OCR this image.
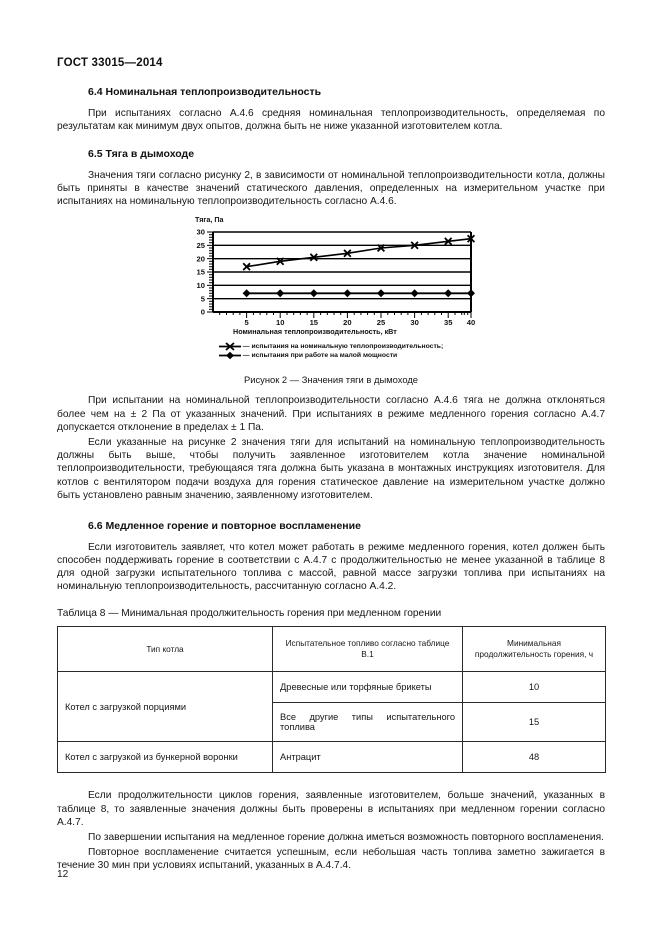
ГОСТ 33015—2014
6.4 Номинальная теплопроизводительность

При испытаниях согласно А.4.6 средняя номинальная теплопроизводительность, определяемая по результатам как минимум двух опытов, должна быть не ниже указанной изготовителем котла.

6.5 Тяга в дымоходе

Значения тяги согласно рисунку 2, в зависимости от номинальной теплопроизводительности котла, должны быть приняты в качестве значений статического давления, определенных на измерительном участке при испытаниях на номинальную теплопроизводительность согласно А.4.6.

Тяга, Па
0
5
10
15
20
25
30
5	10	15	20	25	30	35 40
Номинальная теплопроизводительность, кВт
— испытания на номинальную теплопроизводительность;
— испытания при работе на малой мощности
Рисунок 2 — Значения тяги в дымоходе

При испытании на номинальной теплопроизводительности согласно А.4.6 тяга не должна отклоняться более чем на ± 2 Па от указанных значений. При испытаниях в режиме медленного горения согласно А.4.7 допускается отклонение в пределах ± 1 Па.

Если указанные на рисунке 2 значения тяги для испытаний на номинальную теплопроизводительность должны быть выше, чтобы получить заявленное изготовителем котла значение номинальной теплопроизводительности, требующаяся тяга должна быть указана в монтажных инструкциях изготовителя. Для котлов с вентилятором подачи воздуха для горения статическое давление на измерительном участке должно быть установлено равным значению, заявленному изготовителем.

6.6 Медленное горение и повторное воспламенение

Если изготовитель заявляет, что котел может работать в режиме медленного горения, котел должен быть способен поддерживать горение в соответствии с А.4.7 с продолжительностью не менее указанной в таблице 8 для одной загрузки испытательного топлива с массой, равной массе загрузки топлива при испытаниях на номинальную теплопроизводительность, рассчитанную согласно А.4.2.

Таблица 8 — Минимальная продолжительность горения при медленном горении
Тип котла	Испытательное топливо согласно таблице В.1	Минимальная продолжительность горения, ч
Котел с загрузкой порциями	Древесные или торфяные брикеты	10
	Все другие типы испытательного топлива	15
Котел с загрузкой из бункерной воронки	Антрацит	48

Если продолжительности циклов горения, заявленные изготовителем, больше значений, указанных в таблице 8, то заявленные значения должны быть проверены в испытаниях при медленном горении согласно А.4.7.

По завершении испытания на медленное горение должна иметься возможность повторного воспламенения.

Повторное воспламенение считается успешным, если небольшая часть топлива заметно зажигается в течение 30 мин при условиях испытаний, указанных в А.4.7.4.

12
